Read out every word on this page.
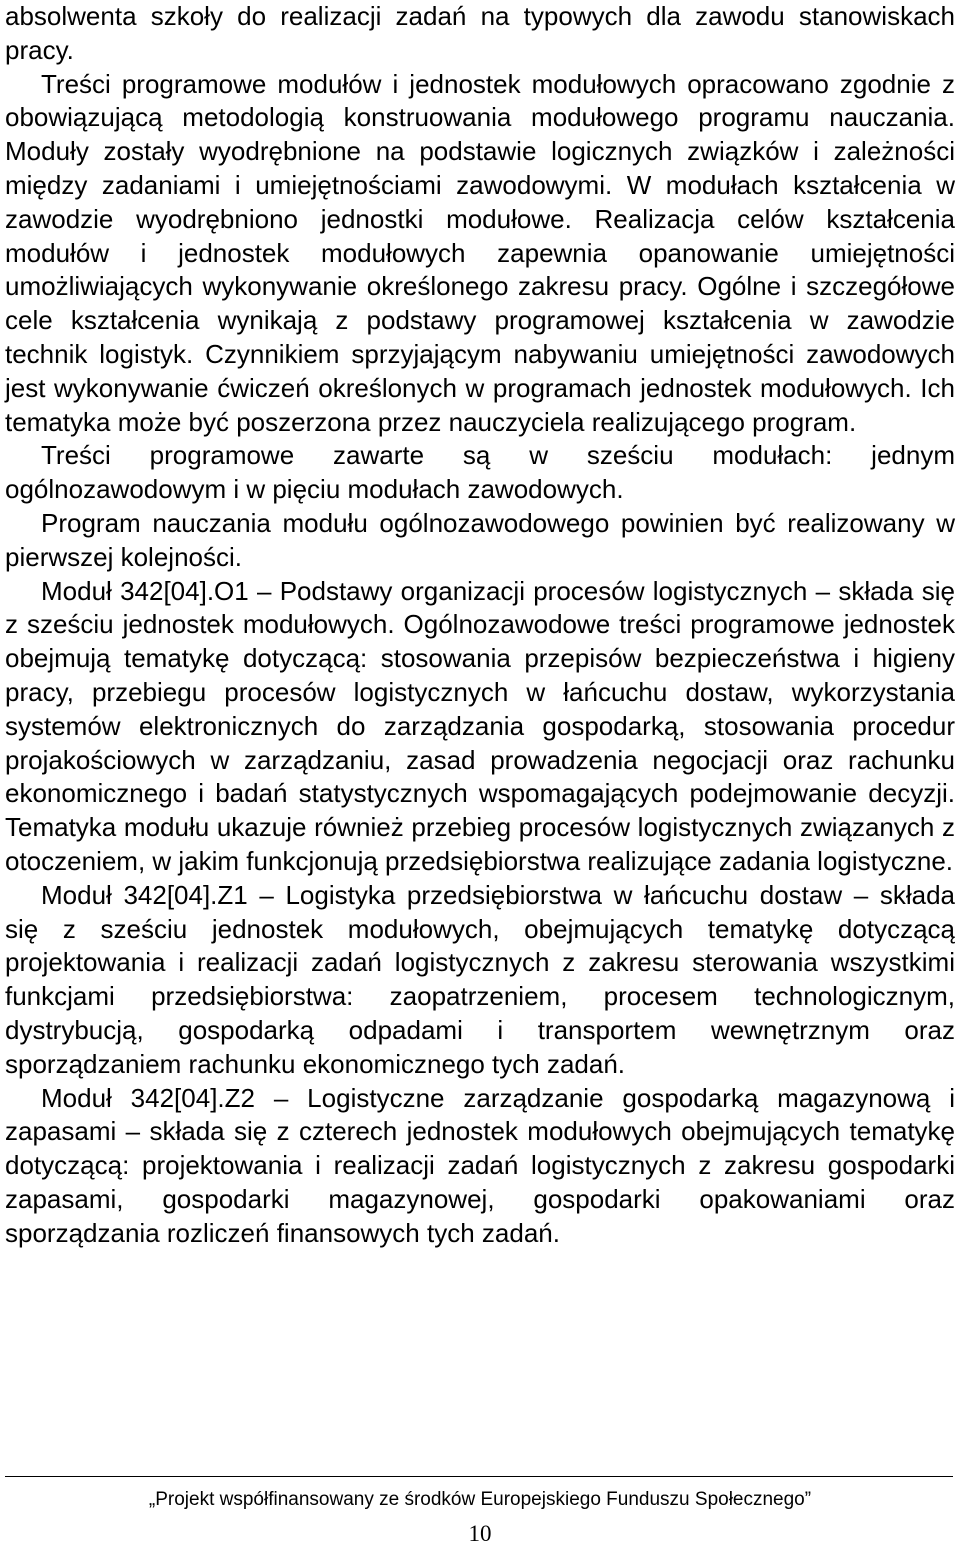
absolwenta szkoły do realizacji zadań na typowych dla zawodu stanowiskach pracy.

Treści programowe modułów i jednostek modułowych opracowano zgodnie z obowiązującą metodologią konstruowania modułowego programu nauczania. Moduły zostały wyodrębnione na podstawie logicznych związków i zależności między zadaniami i umiejętnościami zawodowymi. W modułach kształcenia w zawodzie wyodrębniono jednostki modułowe. Realizacja celów kształcenia modułów i jednostek modułowych zapewnia opanowanie umiejętności umożliwiających wykonywanie określonego zakresu pracy. Ogólne i szczegółowe cele kształcenia wynikają z podstawy programowej kształcenia w zawodzie technik logistyk. Czynnikiem sprzyjającym nabywaniu umiejętności zawodowych jest wykonywanie ćwiczeń określonych w programach jednostek modułowych. Ich tematyka może być poszerzona przez nauczyciela realizującego program.

Treści programowe zawarte są w sześciu modułach: jednym ogólnozawodowym i w pięciu modułach zawodowych.

Program nauczania modułu ogólnozawodowego powinien być realizowany w pierwszej kolejności.

Moduł 342[04].O1 – Podstawy organizacji procesów logistycznych – składa się z sześciu jednostek modułowych. Ogólnozawodowe treści programowe jednostek obejmują tematykę dotyczącą: stosowania przepisów bezpieczeństwa i higieny pracy, przebiegu procesów logistycznych w łańcuchu dostaw, wykorzystania systemów elektronicznych do zarządzania gospodarką, stosowania procedur projakościowych w zarządzaniu, zasad prowadzenia negocjacji oraz rachunku ekonomicznego i badań statystycznych wspomagających podejmowanie decyzji. Tematyka modułu ukazuje również przebieg procesów logistycznych związanych z otoczeniem, w jakim funkcjonują przedsiębiorstwa realizujące zadania logistyczne.

Moduł 342[04].Z1 – Logistyka przedsiębiorstwa w łańcuchu dostaw – składa się z sześciu jednostek modułowych, obejmujących tematykę dotyczącą projektowania i realizacji zadań logistycznych z zakresu sterowania wszystkimi funkcjami przedsiębiorstwa: zaopatrzeniem, procesem technologicznym, dystrybucją, gospodarką odpadami i transportem wewnętrznym oraz sporządzaniem rachunku ekonomicznego tych zadań.

Moduł 342[04].Z2 – Logistyczne zarządzanie gospodarką magazynową i zapasami – składa się z czterech jednostek modułowych obejmujących tematykę dotyczącą: projektowania i realizacji zadań logistycznych z zakresu gospodarki zapasami, gospodarki magazynowej, gospodarki opakowaniami oraz sporządzania rozliczeń finansowych tych zadań.

„Projekt współfinansowany ze środków Europejskiego Funduszu Społecznego”
10
